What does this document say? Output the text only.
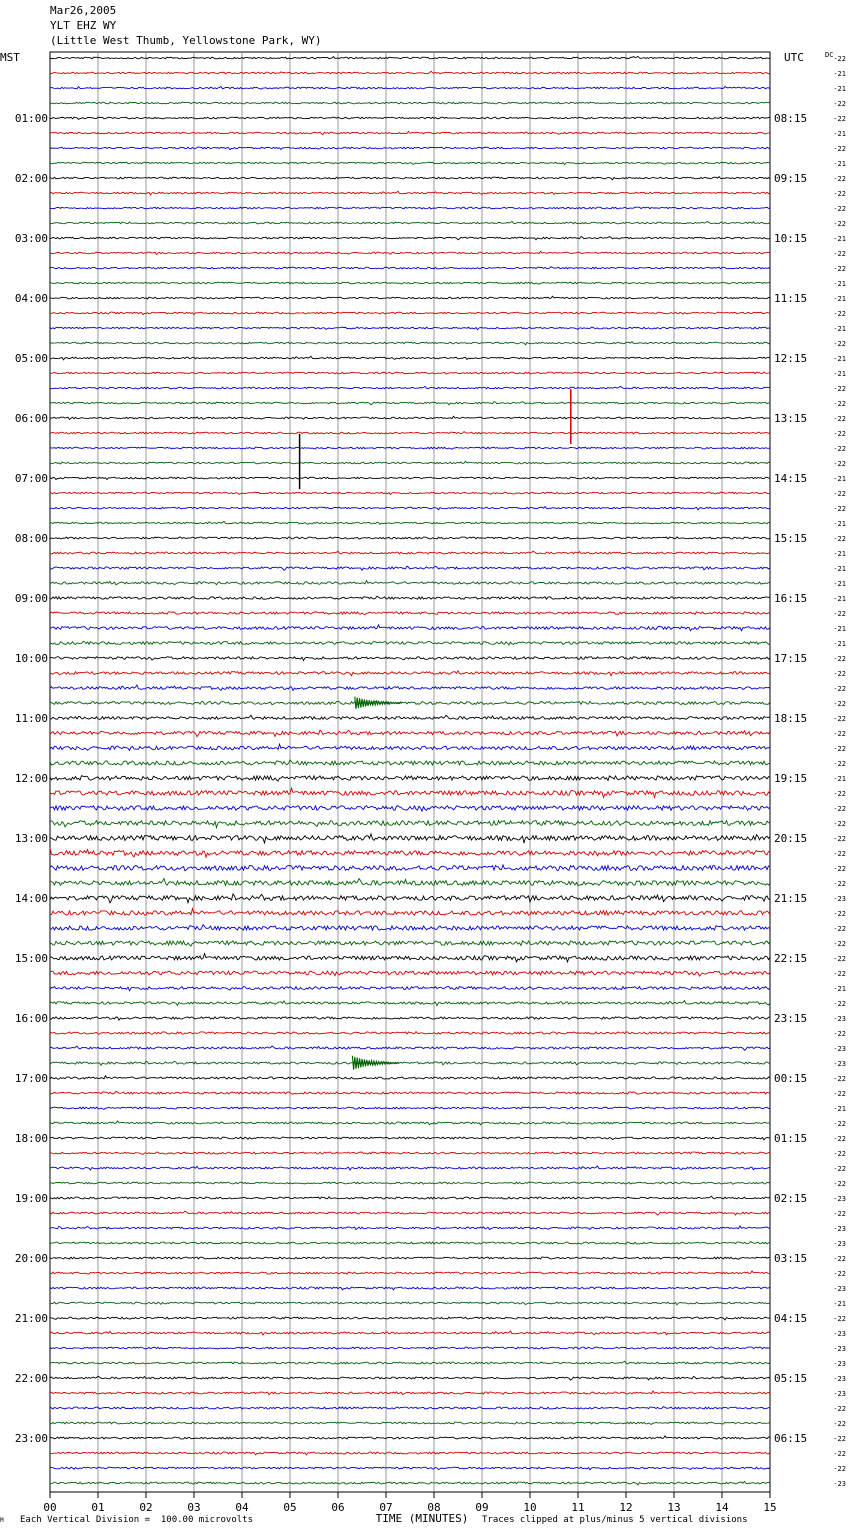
Mar26,2005
YLT EHZ WY
(Little West Thumb, Yellowstone Park, WY)
MST	UTC	DC
01:00	08:15
02:00	09:15
03:00	10:15
04:00	11:15
05:00	12:15
06:00	13:15
07:00	14:15
08:00	15:15
09:00	16:15
10:00	17:15
11:00	18:15
12:00	19:15
13:00	20:15
14:00	21:15
15:00	22:15
16:00	23:15
17:00	00:15
18:00	01:15
19:00	02:15
20:00	03:15
21:00	04:15
22:00	05:15
23:00	06:15
-22
-21
-21
-22
-22
-21
-22
-21
-22
-22
-22
-22
-21
-22
-22
-21
-21
-22
-21
-22
-21
-21
-22
-22
-22
-22
-22
-22
-21
-22
-22
-21
-22
-21
-21
-21
-21
-22
-21
-21
-22
-22
-22
-22
-22
-22
-22
-22
-21
-22
-22
-22
-22
-22
-22
-22
-23
-22
-22
-22
-22
-22
-21
-22
-23
-22
-23
-23
-22
-22
-21
-22
-22
-22
-22
-22
-23
-22
-23
-23
-22
-22
-23
-21
-22
-23
-23
-23
-23
-23
-22
-22
-22
-22
-22
-23
00	01	02	03	04	05	06	07	08	09	10	11	12	13	14	15
TIME (MINUTES)
M Each Vertical Division =  100.00 microvolts	Traces clipped at plus/minus 5 vertical divisions
